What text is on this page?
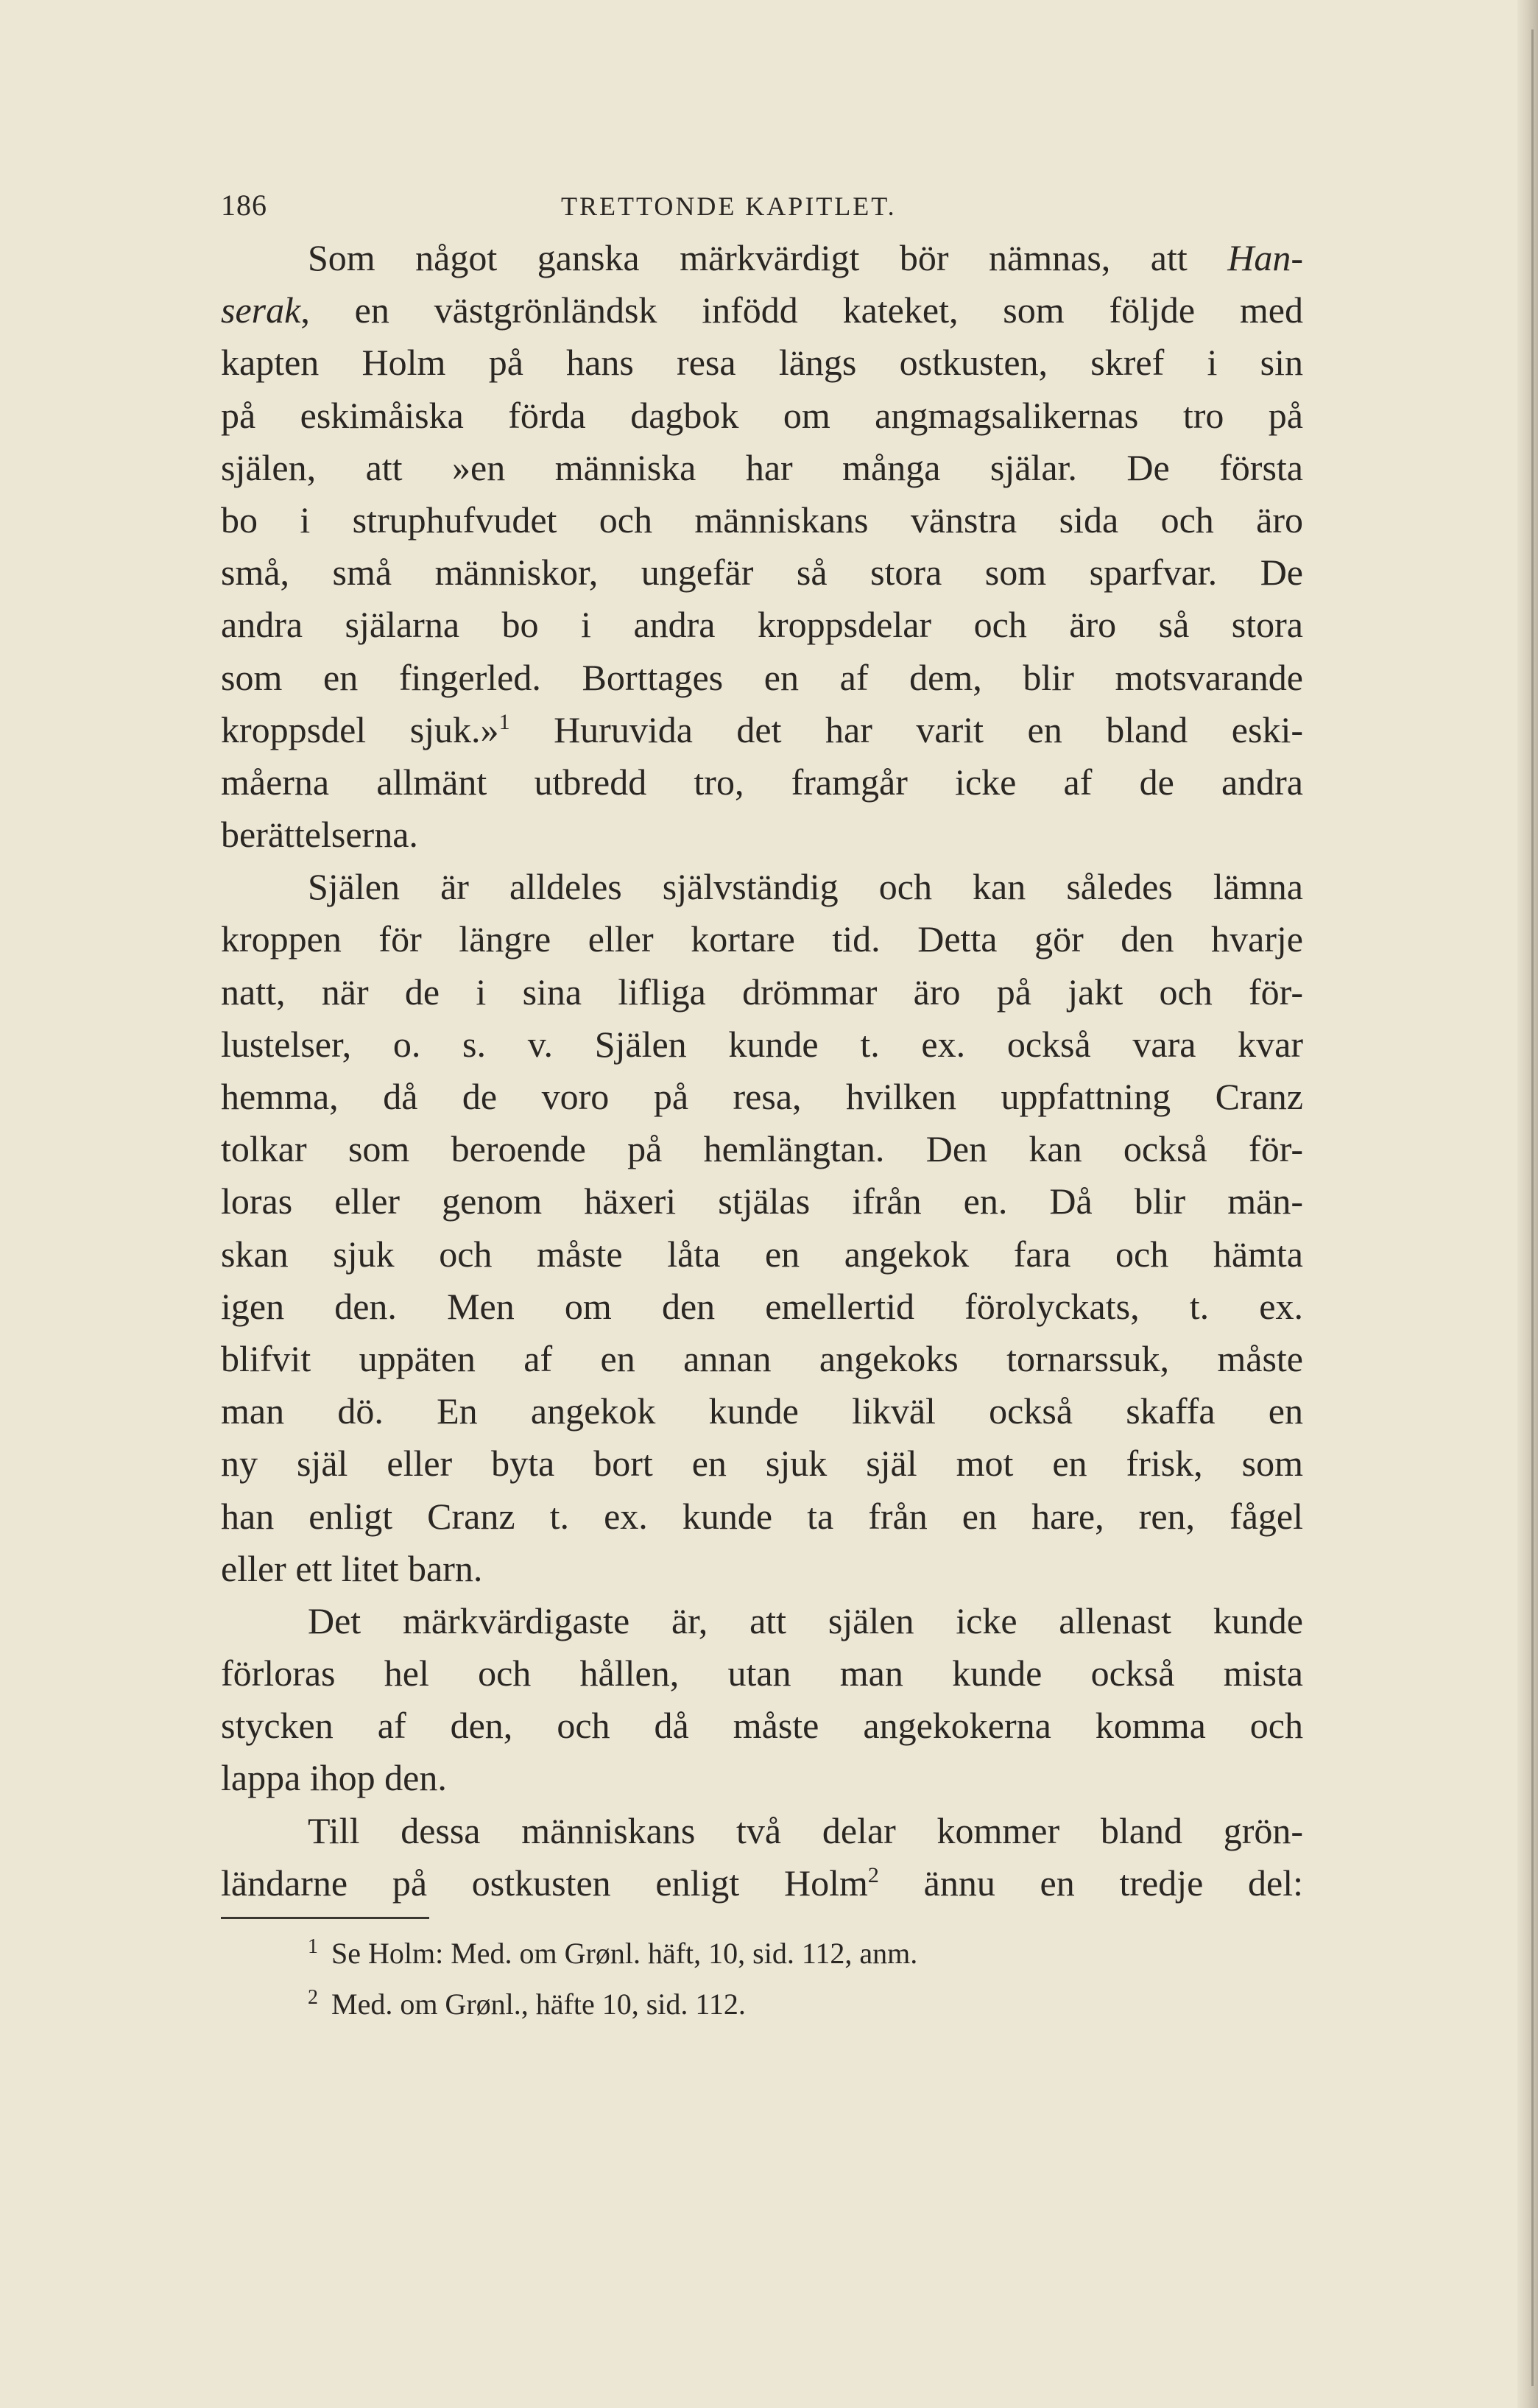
186	TRETTONDE KAPITLET.
Som något ganska märkvärdigt bör nämnas, att Han-
serak, en västgrönländsk infödd kateket, som följde med
kapten Holm på hans resa längs ostkusten, skref i sin
på eskimåiska förda dagbok om angmagsalikernas tro på
själen, att »en människa har många själar. De första
bo i struphufvudet och människans vänstra sida och äro
små, små människor, ungefär så stora som sparfvar. De
andra själarna bo i andra kroppsdelar och äro så stora
som en fingerled. Borttages en af dem, blir motsvarande
kroppsdel sjuk.»$^1$ Huruvida det har varit en bland eski-
måerna allmänt utbredd tro, framgår icke af de andra
berättelserna.
Själen är alldeles självständig och kan således lämna
kroppen för längre eller kortare tid. Detta gör den hvarje
natt, när de i sina lifliga drömmar äro på jakt och för-
lustelser, o. s. v. Själen kunde t. ex. också vara kvar
hemma, då de voro på resa, hvilken uppfattning Cranz
tolkar som beroende på hemlängtan. Den kan också för-
loras eller genom häxeri stjälas ifrån en. Då blir män-
skan sjuk och måste låta en angekok fara och hämta
igen den. Men om den emellertid förolyckats, t. ex.
blifvit uppäten af en annan angekoks tornarssuk, måste
man dö. En angekok kunde likväl också skaffa en
ny själ eller byta bort en sjuk själ mot en frisk, som
han enligt Cranz t. ex. kunde ta från en hare, ren, fågel
eller ett litet barn.
Det märkvärdigaste är, att själen icke allenast kunde
förloras hel och hållen, utan man kunde också mista
stycken af den, och då måste angekokerna komma och
lappa ihop den.
Till dessa människans två delar kommer bland grön-
ländarne på ostkusten enligt Holm$^2$ ännu en tredje del:
$^1$ Se Holm: Med. om Grønl. häft, 10, sid. 112, anm.
$^2$ Med. om Grønl., häfte 10, sid. 112.
